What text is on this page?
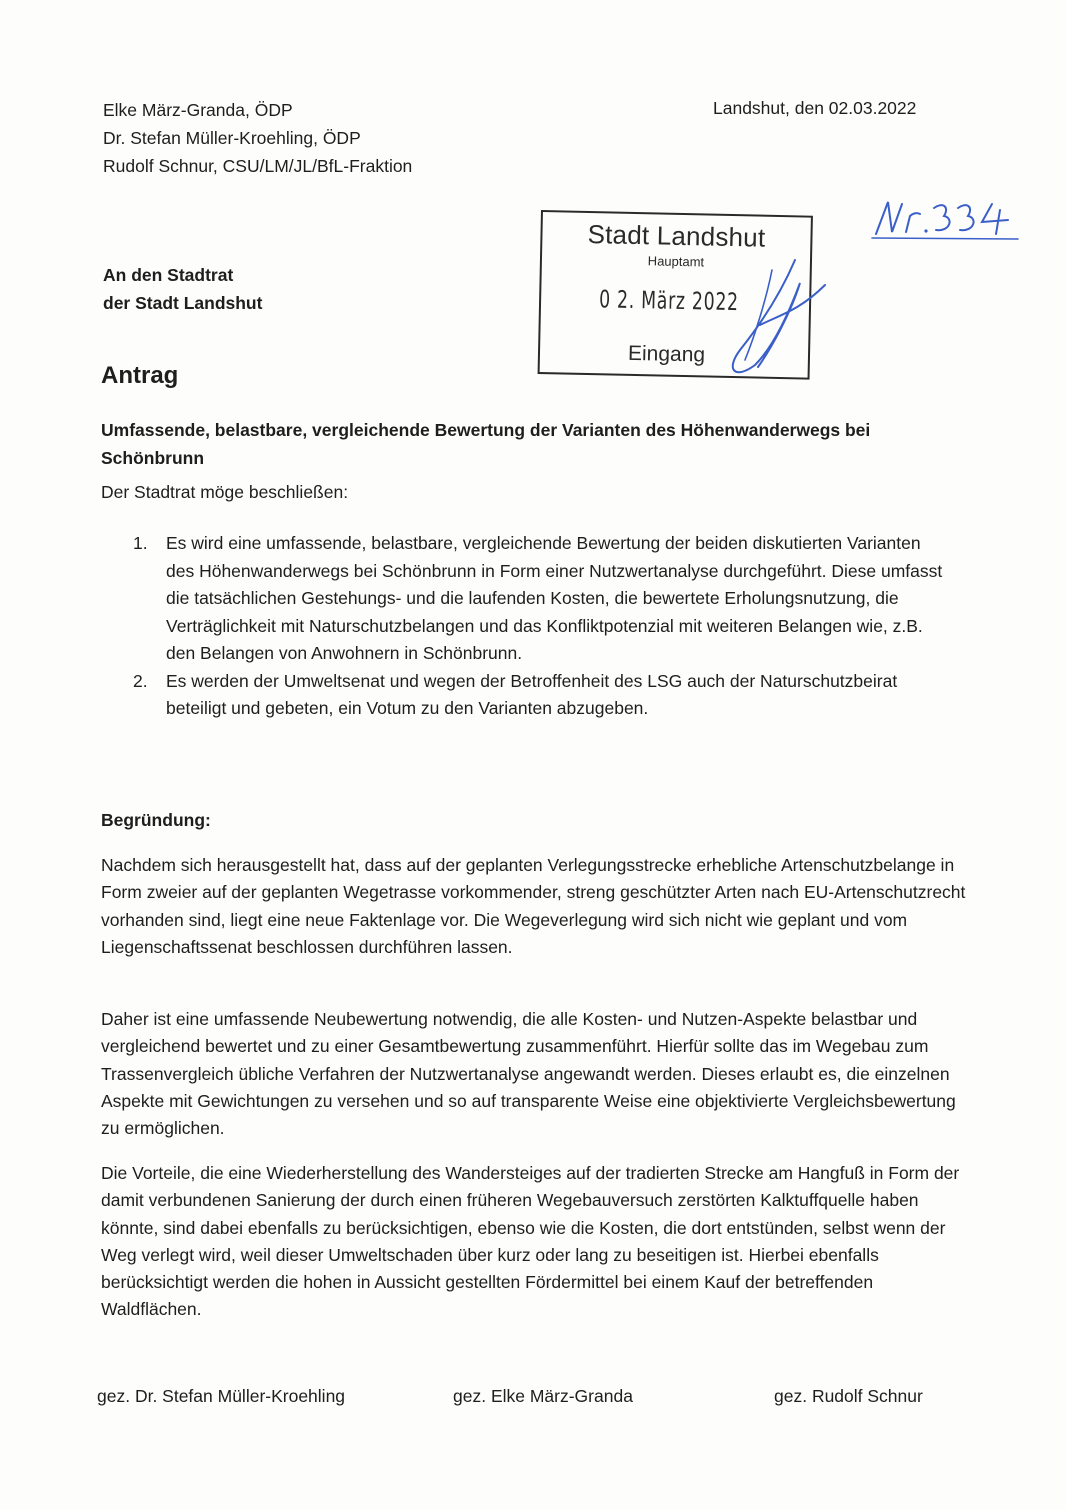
Elke März-Granda, ÖDP
Dr. Stefan Müller-Kroehling, ÖDP
Rudolf Schnur, CSU/LM/JL/BfL-Fraktion
Landshut, den 02.03.2022
An den Stadtrat
der Stadt Landshut
Stadt Landshut
Hauptamt
0 2. März 2022
Eingang
Antrag
Umfassende, belastbare, vergleichende Bewertung der Varianten des Höhenwanderwegs bei Schönbrunn
Der Stadtrat möge beschließen:
1. Es wird eine umfassende, belastbare, vergleichende Bewertung der beiden diskutierten Varianten des Höhenwanderwegs bei Schönbrunn in Form einer Nutzwertanalyse durchgeführt. Diese umfasst die tatsächlichen Gestehungs- und die laufenden Kosten, die bewertete Erholungsnutzung, die Verträglichkeit mit Naturschutzbelangen und das Konfliktpotenzial mit weiteren Belangen wie, z.B. den Belangen von Anwohnern in Schönbrunn.
2. Es werden der Umweltsenat und wegen der Betroffenheit des LSG auch der Naturschutzbeirat beteiligt und gebeten, ein Votum zu den Varianten abzugeben.
Begründung:

Nachdem sich herausgestellt hat, dass auf der geplanten Verlegungsstrecke erhebliche Artenschutzbelange in Form zweier auf der geplanten Wegetrasse vorkommender, streng geschützter Arten nach EU-Artenschutzrecht vorhanden sind, liegt eine neue Faktenlage vor. Die Wegeverlegung wird sich nicht wie geplant und vom Liegenschaftssenat beschlossen durchführen lassen.

Daher ist eine umfassende Neubewertung notwendig, die alle Kosten- und Nutzen-Aspekte belastbar und vergleichend bewertet und zu einer Gesamtbewertung zusammenführt. Hierfür sollte das im Wegebau zum Trassenvergleich übliche Verfahren der Nutzwertanalyse angewandt werden. Dieses erlaubt es, die einzelnen Aspekte mit Gewichtungen zu versehen und so auf transparente Weise eine objektivierte Vergleichsbewertung zu ermöglichen.

Die Vorteile, die eine Wiederherstellung des Wandersteiges auf der tradierten Strecke am Hangfuß in Form der damit verbundenen Sanierung der durch einen früheren Wegebauversuch zerstörten Kalktuffquelle haben könnte, sind dabei ebenfalls zu berücksichtigen, ebenso wie die Kosten, die dort entstünden, selbst wenn der Weg verlegt wird, weil dieser Umweltschaden über kurz oder lang zu beseitigen ist. Hierbei ebenfalls berücksichtigt werden die hohen in Aussicht gestellten Fördermittel bei einem Kauf der betreffenden Waldflächen.

gez. Dr. Stefan Müller-Kroehling	gez. Elke März-Granda	gez. Rudolf Schnur
